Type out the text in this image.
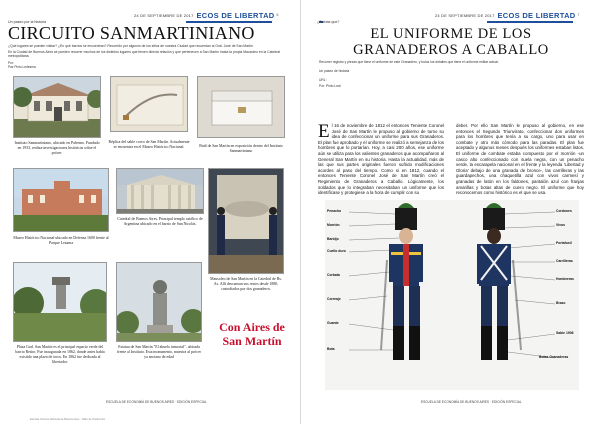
24 DE SEPTIEMBRE DE 2017 ECOS DE LIBERTAD 6
Un paseo por la historia
CIRCUITO SANMARTINIANO
¿Qué lugares se pueden visitar? ¿En qué barrios se encuentran? Recorrido por algunos de los sitios de nuestra Ciudad que recuerdan al Gral. José de San Martín
En la Ciudad de Buenos Aires se pueden recorrer muchos de los distintos lugares que tienen directa relación y que pertenecen a San Martín hasta la propia Mausoleo en la Catedral metropolitana.
Por:
Paz Pinto Ledesma
Instituto Sanmartiniano, ubicado en Palermo. Fundado en 1933, realiza investigaciones históricas sobre el prócer.
Réplica del sable corvo de San Martín. Actualmente se encuentra en el Museo Histórico Nacional.	Baúl de San Martín en exposición dentro del Instituto Sanmartiniano
Museo Histórico Nacional ubicado en Defensa 1600 frente al Parque Lezama
Catedral de Buenos Aires. Principal templo católico de Argentina ubicado en el barrio de San Nicolás.
Mausoleo de San Martín en la Catedral de Bs. As. Allí descansan sus restos desde 1880, custodiados por dos granaderos.
Plaza Gral. San Martín es el principal espacio verde del barrio Retiro. Fue inaugurada en 1862, donde antes había existido una plaza de toros. En 1862 fue dedicada al libertador.
Estatua de San Martín "El abuelo inmortal", ubicada frente al Instituto. Esta monumento, muestra al prócer ya anciano de edad
Con Aires de
San Martín
ESCUELA DE ECONOMÍA DE BUENOS AIRES · EDICIÓN ESPECIAL
Escuela Técnica Nacional de Buenos Aires · Taller de Producción
24 DE SEPTIEMBRE DE 2017 ECOS DE LIBERTAD 7
¿Sabías que?
EL UNIFORME DE LOS
GRANADEROS A CABALLO
Recorrer registro y piezas que tiene el uniforme de este Granadero, y todos los detalles que tiene el uniforme militar actual.
Un paseo de historia
URL:
Por: Pinto Leal
El 16 de noviembre de 1812 el entonces Teniente Coronel José de San Martín le propuso al gobierno de turno su idea de confeccionar un uniforme para sus Granaderos. El plan fue aprobado y el uniforme se realizó a semejanza de los hombres que lo portarían. Hoy, a casi 200 años, ese uniforme aún se utiliza para los valientes granaderos que acompañaron al General San Martín en su historia. Hasta la actualidad, más de las que sus partes originales fueron sufrido modificaciones acordes al paso del tiempo. Como si en 1812, cuando el entonces Teniente Coronel José de San Martín creó el Regimiento de Granaderos a Caballo. Lógicamente, los soldados que lo integraban necesitaban un uniforme que los identificase y protegiese a la hora de cumplir con su
deber. Por ello San Martín le propuso al gobierno, en ese entonces el Segundo Triunvirato, confeccionar dos uniformes para los hombres que tenía a su cargo, uno para usar en combate y otro más cómodo para las paradas. El plan fue aceptado y algunos meses después los uniformes estaban listos. El uniforme de combate estaba compuesto por el morrión -un casco alto confeccionado con suela negra, con un penacho verde, la escarapela nacional en el frente y la leyenda 'Libertad y Gloria' debajo de una granada de bronce-, las carrilleras y las guardapechos, una chaquetilla azul con vivos carmesí y granadas de latón en los faldones, pantalón azul con franjas amarillas y botas altas de cuero negro. El uniforme que hoy reconocemos como histórico es el que se usa.
Penacho
Morrión
Barbijo
Cuello duro
Corbata
Correaje
Guante
Bota
Cordones
Vivos
Portafusil
Carrilleras
Hombreras
Brazo
Sable 1906
Botas Granaderas
ESCUELA DE ECONOMÍA DE BUENOS AIRES · EDICIÓN ESPECIAL
